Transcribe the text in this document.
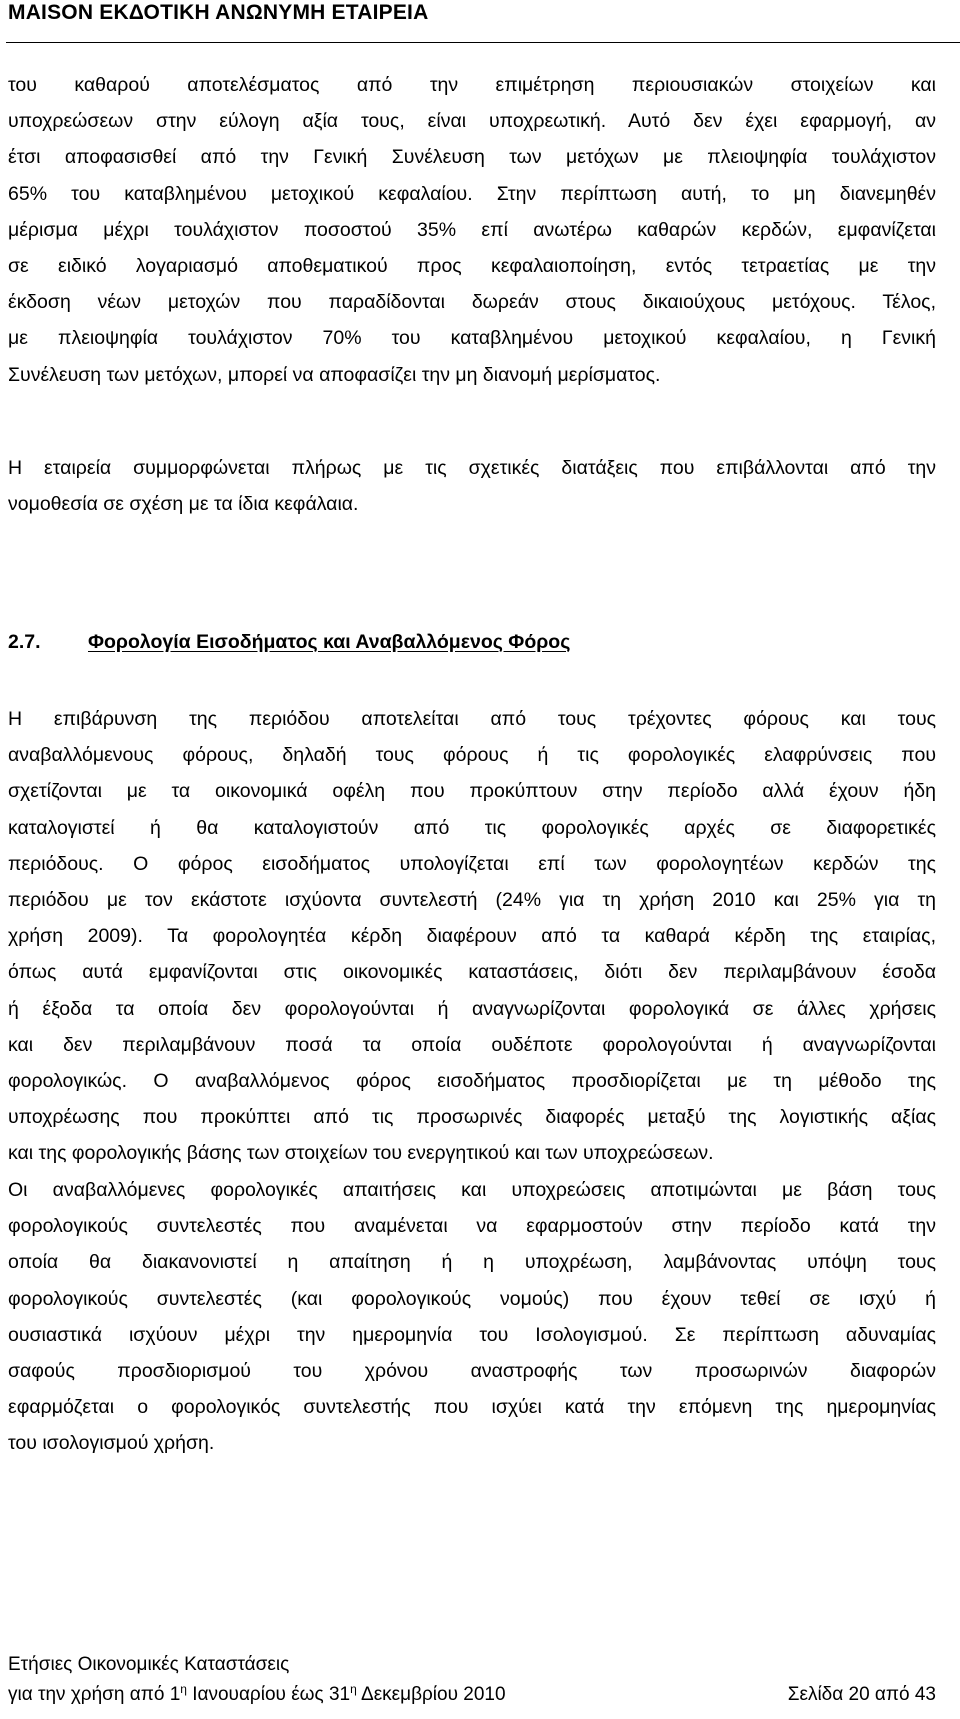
MAISON ΕΚΔΟΤΙΚΗ ΑΝΩΝΥΜΗ ΕΤΑΙΡΕΙΑ
του καθαρού αποτελέσματος από την επιμέτρηση περιουσιακών στοιχείων και
υποχρεώσεων στην εύλογη αξία τους, είναι υποχρεωτική. Αυτό δεν έχει εφαρμογή, αν
έτσι αποφασισθεί από την Γενική Συνέλευση των μετόχων με πλειοψηφία τουλάχιστον
65% του καταβλημένου μετοχικού κεφαλαίου. Στην περίπτωση αυτή, το μη διανεμηθέν
μέρισμα μέχρι τουλάχιστον ποσοστού 35% επί ανωτέρω καθαρών κερδών, εμφανίζεται
σε ειδικό λογαριασμό αποθεματικού προς κεφαλαιοποίηση, εντός τετραετίας με την
έκδοση νέων μετοχών που παραδίδονται δωρεάν στους δικαιούχους μετόχους. Τέλος,
με πλειοψηφία τουλάχιστον 70% του καταβλημένου μετοχικού κεφαλαίου, η Γενική
Συνέλευση των μετόχων, μπορεί να αποφασίζει την μη διανομή μερίσματος.
Η εταιρεία συμμορφώνεται πλήρως με τις σχετικές διατάξεις που επιβάλλονται από την
νομοθεσία σε σχέση με τα ίδια κεφάλαια.
2.7. Φορολογία Εισοδήματος και Αναβαλλόμενος Φόρος
Η επιβάρυνση της περιόδου αποτελείται από τους τρέχοντες φόρους και τους
αναβαλλόμενους φόρους, δηλαδή τους φόρους ή τις φορολογικές ελαφρύνσεις που
σχετίζονται με τα οικονομικά οφέλη που προκύπτουν στην περίοδο αλλά έχουν ήδη
καταλογιστεί ή θα καταλογιστούν από τις φορολογικές αρχές σε διαφορετικές
περιόδους. Ο φόρος εισοδήματος υπολογίζεται επί των φορολογητέων κερδών της
περιόδου με τον εκάστοτε ισχύοντα συντελεστή (24% για τη χρήση 2010 και 25% για τη
χρήση 2009). Τα φορολογητέα κέρδη διαφέρουν από τα καθαρά κέρδη της εταιρίας,
όπως αυτά εμφανίζονται στις οικονομικές καταστάσεις, διότι δεν περιλαμβάνουν έσοδα
ή έξοδα τα οποία δεν φορολογούνται ή αναγνωρίζονται φορολογικά σε άλλες χρήσεις
και δεν περιλαμβάνουν ποσά τα οποία ουδέποτε φορολογούνται ή αναγνωρίζονται
φορολογικώς. Ο αναβαλλόμενος φόρος εισοδήματος προσδιορίζεται με τη μέθοδο της
υποχρέωσης που προκύπτει από τις προσωρινές διαφορές μεταξύ της λογιστικής αξίας
και της φορολογικής βάσης των στοιχείων του ενεργητικού και των υποχρεώσεων.
Οι αναβαλλόμενες φορολογικές απαιτήσεις και υποχρεώσεις αποτιμώνται με βάση τους
φορολογικούς συντελεστές που αναμένεται να εφαρμοστούν στην περίοδο κατά την
οποία θα διακανονιστεί η απαίτηση ή η υποχρέωση, λαμβάνοντας υπόψη τους
φορολογικούς συντελεστές (και φορολογικούς νομούς) που έχουν τεθεί σε ισχύ ή
ουσιαστικά ισχύουν μέχρι την ημερομηνία του Ισολογισμού. Σε περίπτωση αδυναμίας
σαφούς προσδιορισμού του χρόνου αναστροφής των προσωρινών διαφορών
εφαρμόζεται ο φορολογικός συντελεστής που ισχύει κατά την επόμενη της ημερομηνίας
του ισολογισμού χρήση.
Ετήσιες Οικονομικές Καταστάσεις
για την χρήση από $1^\eta$ Ιανουαρίου έως $31^\eta$ Δεκεμβρίου 2010	Σελίδα 20 από 43
